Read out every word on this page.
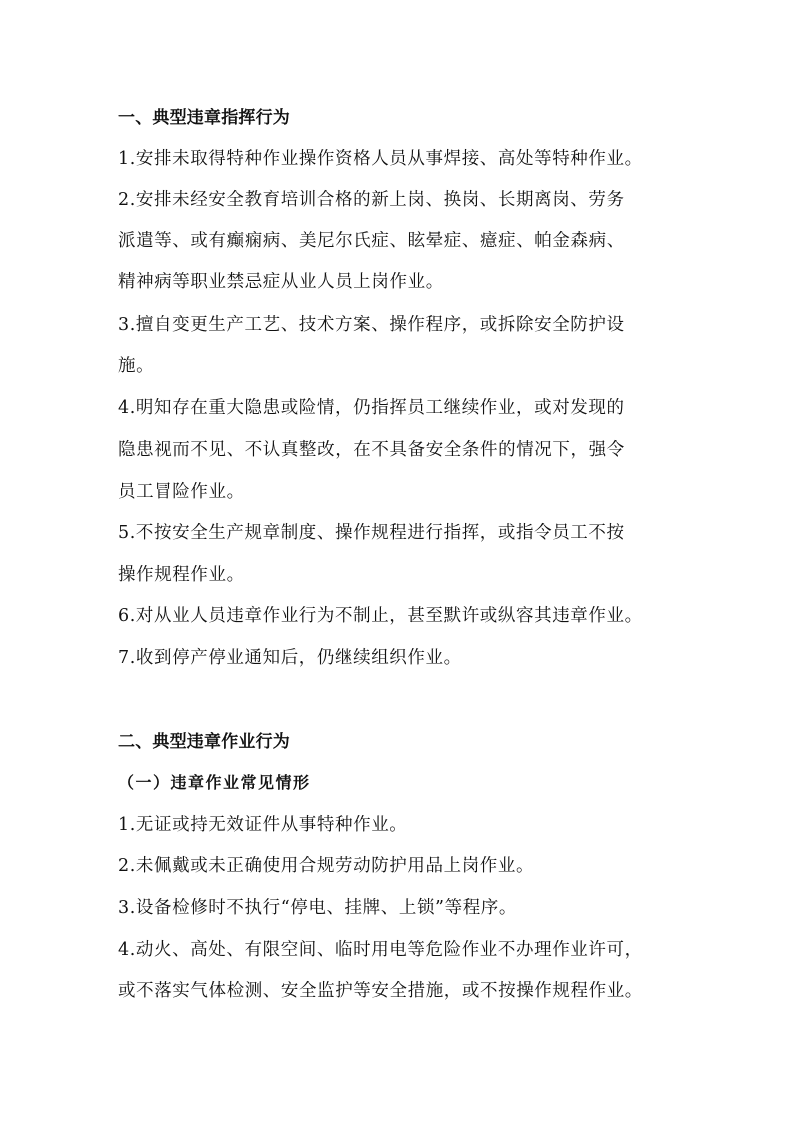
一、典型违章指挥行为
1.安排未取得特种作业操作资格人员从事焊接、高处等特种作业。
2.安排未经安全教育培训合格的新上岗、换岗、长期离岗、劳务
派遣等、或有癫痫病、美尼尔氏症、眩晕症、癔症、帕金森病、
精神病等职业禁忌症从业人员上岗作业。
3.擅自变更生产工艺、技术方案、操作程序，或拆除安全防护设
施。
4.明知存在重大隐患或险情，仍指挥员工继续作业，或对发现的
隐患视而不见、不认真整改，在不具备安全条件的情况下，强令
员工冒险作业。
5.不按安全生产规章制度、操作规程进行指挥，或指令员工不按
操作规程作业。
6.对从业人员违章作业行为不制止，甚至默许或纵容其违章作业。
7.收到停产停业通知后，仍继续组织作业。
二、典型违章作业行为
（一）违章作业常见情形
1.无证或持无效证件从事特种作业。
2.未佩戴或未正确使用合规劳动防护用品上岗作业。
3.设备检修时不执行“停电、挂牌、上锁”等程序。
4.动火、高处、有限空间、临时用电等危险作业不办理作业许可，
或不落实气体检测、安全监护等安全措施，或不按操作规程作业。
